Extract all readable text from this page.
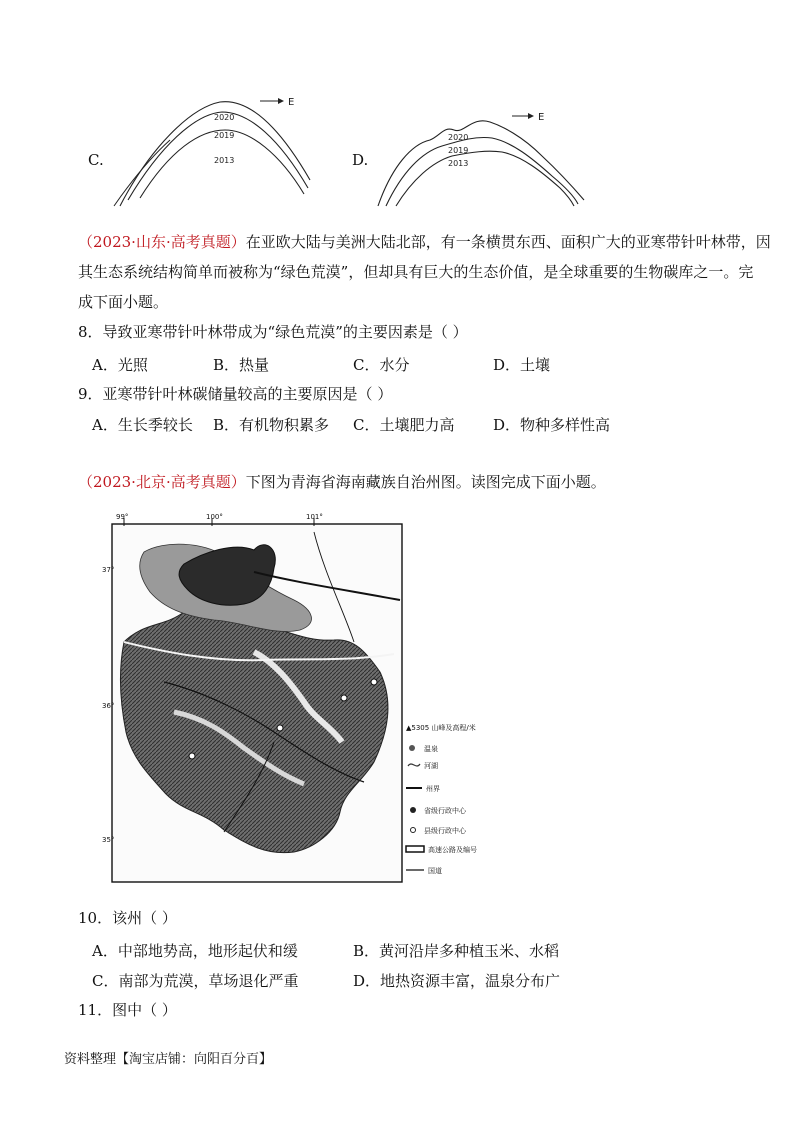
C.
E
2020
2019
2013	D.
E
2020
2019
2013
（2023·山东·高考真题）在亚欧大陆与美洲大陆北部，有一条横贯东西、面积广大的亚寒带针叶林带，因
其生态系统结构简单而被称为“绿色荒漠”，但却具有巨大的生态价值，是全球重要的生物碳库之一。完
成下面小题。
8．导致亚寒带针叶林带成为“绿色荒漠”的主要因素是（ ）
A．光照	B．热量	C．水分	D．土壤
9．亚寒带针叶林碳储量较高的主要原因是（ ）
A．生长季较长 B．有机物积累多 C．土壤肥力高	D．物种多样性高
（2023·北京·高考真题）下图为青海省海南藏族自治州图。读图完成下面小题。
99°	100°	101°
37°
36°
35°
▲5305 山峰及高程/米
温泉
河湖
州界
省级行政中心
县级行政中心
高速公路及编号
国道
10．该州（ ）
A．中部地势高，地形起伏和缓	B．黄河沿岸多种植玉米、水稻
C．南部为荒漠，草场退化严重	D．地热资源丰富，温泉分布广
11．图中（ ）
资料整理【淘宝店铺：向阳百分百】
